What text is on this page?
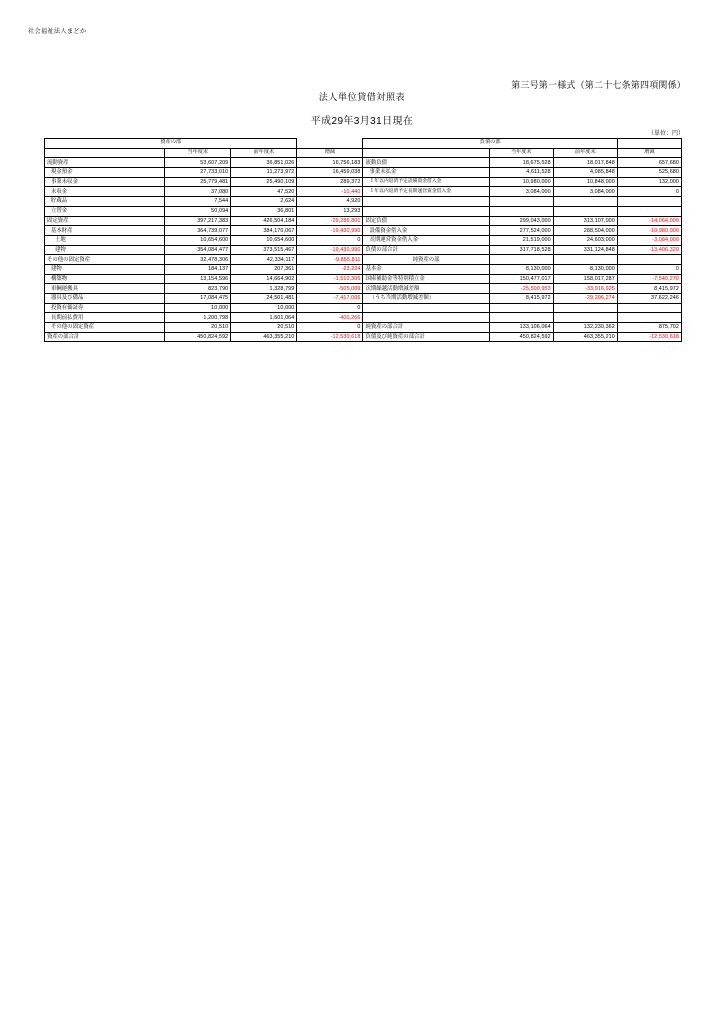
社会福祉法人まどか
第三号第一様式（第二十七条第四項関係）
法人単位貸借対照表
平成29年3月31日現在
（単位：円）
資産の部				負債の部			
	当年度末	前年度末	増減		当年度末	前年度末	増減
流動資産	53,607,209	36,851,026	16,756,183	流動負債	18,675,528	18,017,848	657,680
現金預金	27,733,010	11,273,972	16,459,038	事業未払金	4,611,528	4,085,848	525,680
事業未収金	25,779,481	25,490,109	289,372	１年以内返済予定設備資金借入金	10,980,000	10,848,000	132,000
未収金	37,080	47,520	-10,440	１年以内返済予定長期運営資金借入金	3,084,000	3,084,000	0
貯蔵品	7,544	2,624	4,920				
立替金	50,094	36,801	13,293				
固定資産	397,217,383	426,504,184	-29,286,801	固定負債	299,043,000	313,107,000	-14,064,000
基本財産	364,739,077	384,170,067	-19,430,990	設備資金借入金	277,524,000	288,504,000	-10,980,000
土地	10,654,600	10,654,600	0	長期運営資金借入金	21,519,000	24,603,000	-3,084,000
建物	354,084,477	373,515,467	-19,430,990	負債の部合計	317,718,528	331,124,848	-13,406,320
その他の固定資産	32,478,306	42,334,117	-9,855,811	純資産の部			
建物	184,137	207,361	-23,224	基本金	8,130,000	8,130,000	0
構築物	13,154,596	14,664,902	-1,510,306	国庫補助金等特別積立金	150,477,017	158,017,287	-7,540,270
車輌運搬具	823,790	1,328,799	-505,009	次期繰越活動増減差額	-25,500,953	-33,916,925	8,415,972
器具及び備品	17,084,475	24,501,481	-7,417,006	（うち当期活動増減差額）	8,415,972	-29,206,274	37,622,246
投資有価証券	10,000	10,000	0				
長期前払費用	1,200,798	1,601,064	-400,266				
その他の固定資産	20,510	20,510	0	純資産の部合計	133,106,064	132,230,362	875,702
資産の部合計	450,824,592	463,355,210	-12,530,618	負債及び純資産の部合計	450,824,592	463,355,210	-12,530,618
